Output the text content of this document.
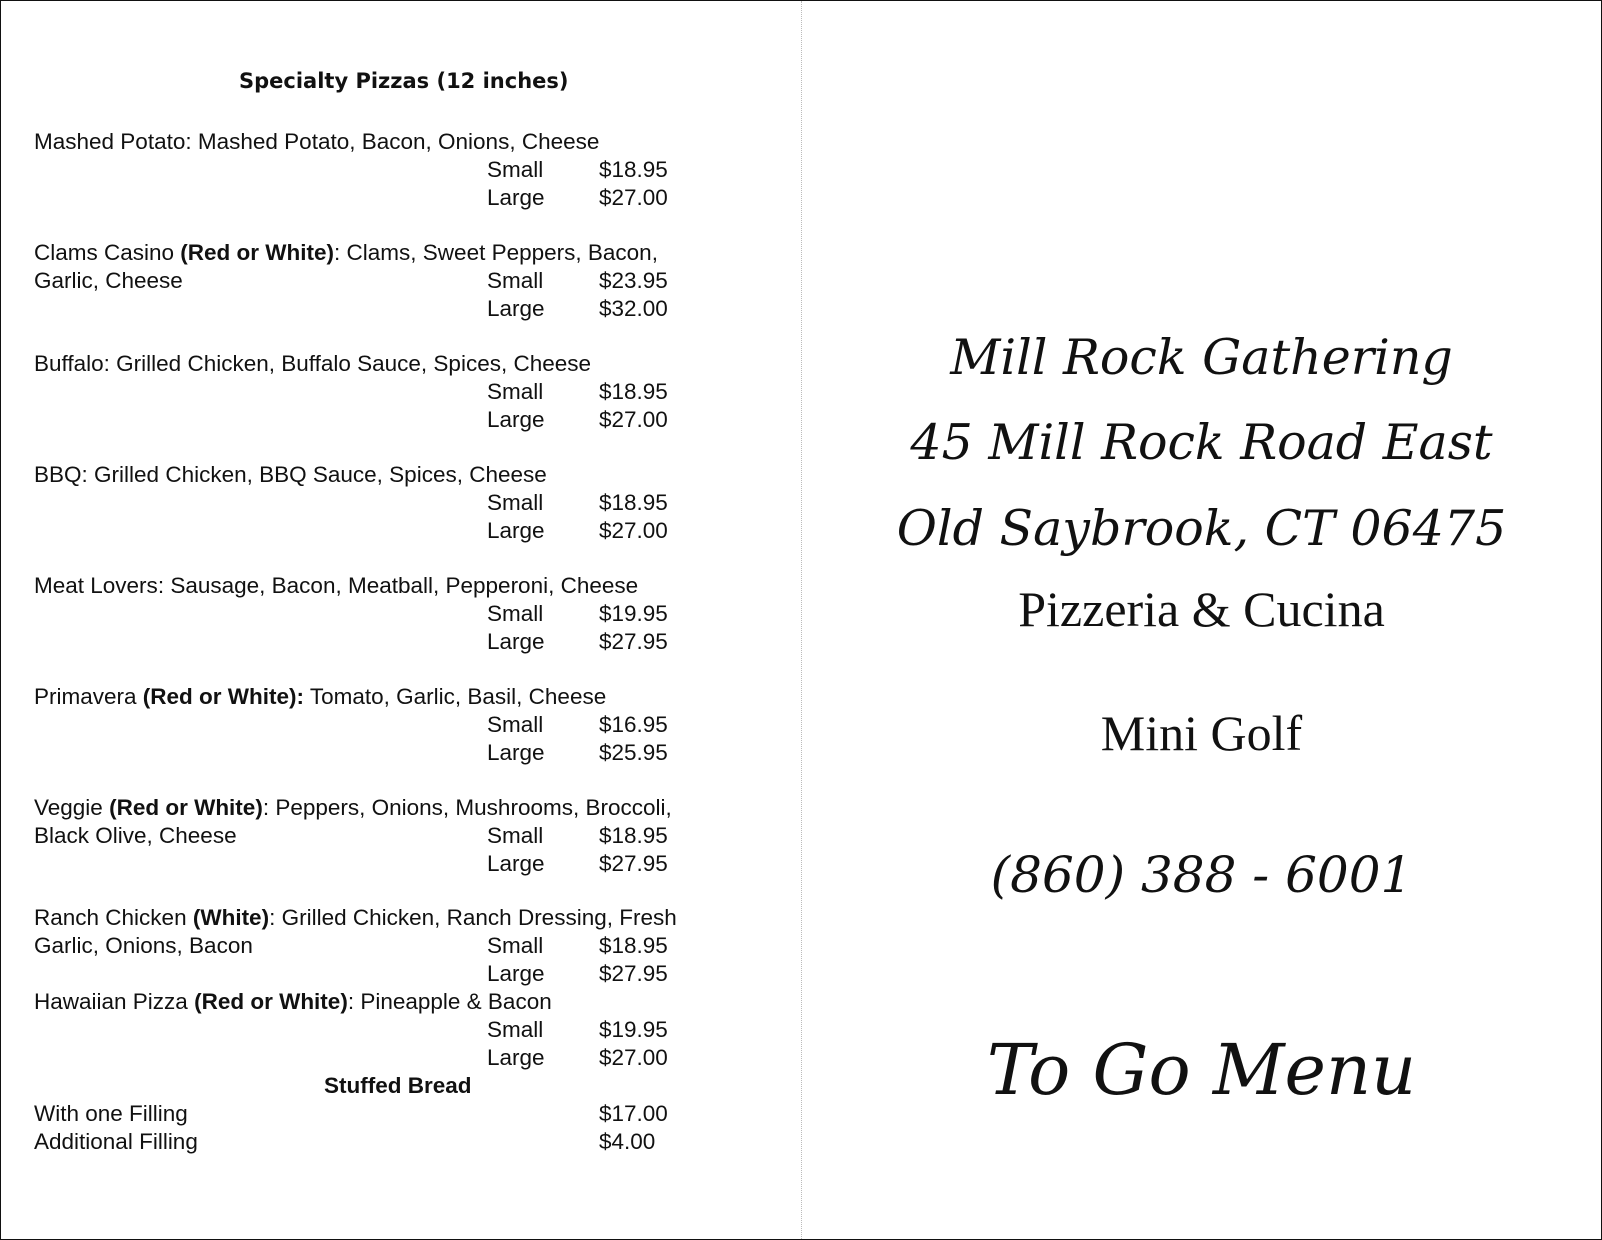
Specialty Pizzas (12 inches)
Mashed Potato: Mashed Potato, Bacon, Onions, Cheese
Small $18.95
Large $27.00
Clams Casino (Red or White): Clams, Sweet Peppers, Bacon,
Garlic, Cheese	Small $23.95
Large $32.00
Buffalo: Grilled Chicken, Buffalo Sauce, Spices, Cheese
Small $18.95
Large $27.00
BBQ: Grilled Chicken, BBQ Sauce, Spices, Cheese
Small $18.95
Large $27.00
Meat Lovers: Sausage, Bacon, Meatball, Pepperoni, Cheese
Small $19.95
Large $27.95
Primavera (Red or White): Tomato, Garlic, Basil, Cheese
Small $16.95
Large $25.95
Veggie (Red or White): Peppers, Onions, Mushrooms, Broccoli,
Black Olive, Cheese	Small $18.95
Large $27.95
Ranch Chicken (White): Grilled Chicken, Ranch Dressing, Fresh
Garlic, Onions, Bacon	Small $18.95
Large $27.95
Hawaiian Pizza (Red or White): Pineapple & Bacon
Small $19.95
Large $27.00
Stuffed Bread
With one Filling	$17.00
Additional Filling	$4.00
Mill Rock Gathering
45 Mill Rock Road East
Old Saybrook, CT 06475
Pizzeria & Cucina
Mini Golf
(860) 388 - 6001
To Go Menu
